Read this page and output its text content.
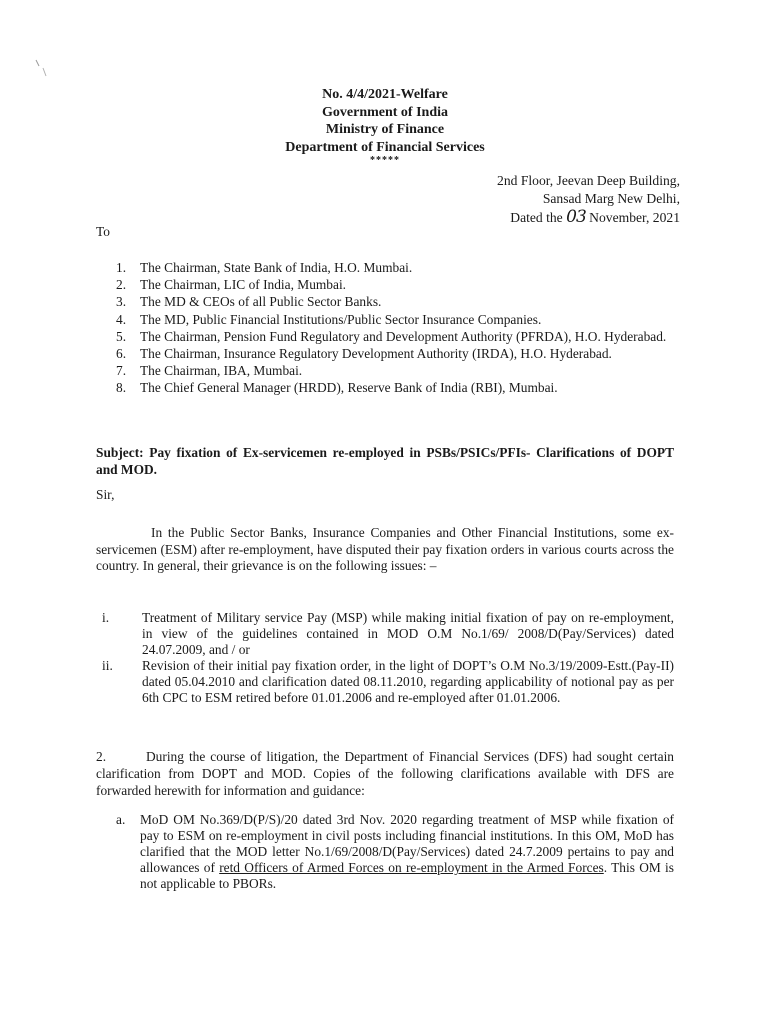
No. 4/4/2021-Welfare
Government of India
Ministry of Finance
Department of Financial Services
*****
2nd Floor, Jeevan Deep Building,
Sansad Marg New Delhi,
Dated the 03 November, 2021
To
1. The Chairman, State Bank of India, H.O. Mumbai.
2. The Chairman, LIC of India, Mumbai.
3. The MD & CEOs of all Public Sector Banks.
4. The MD, Public Financial Institutions/Public Sector Insurance Companies.
5. The Chairman, Pension Fund Regulatory and Development Authority (PFRDA), H.O. Hyderabad.
6. The Chairman, Insurance Regulatory Development Authority (IRDA), H.O. Hyderabad.
7. The Chairman, IBA, Mumbai.
8. The Chief General Manager (HRDD), Reserve Bank of India (RBI), Mumbai.
Subject: Pay fixation of Ex-servicemen re-employed in PSBs/PSICs/PFIs- Clarifications of DOPT and MOD.
Sir,
In the Public Sector Banks, Insurance Companies and Other Financial Institutions, some ex-servicemen (ESM) after re-employment, have disputed their pay fixation orders in various courts across the country. In general, their grievance is on the following issues: –
i. Treatment of Military service Pay (MSP) while making initial fixation of pay on re-employment, in view of the guidelines contained in MOD O.M No.1/69/ 2008/D(Pay/Services) dated 24.07.2009, and / or
ii. Revision of their initial pay fixation order, in the light of DOPT’s O.M No.3/19/2009-Estt.(Pay-II) dated 05.04.2010 and clarification dated 08.11.2010, regarding applicability of notional pay as per 6th CPC to ESM retired before 01.01.2006 and re-employed after 01.01.2006.
2.	During the course of litigation, the Department of Financial Services (DFS) had sought certain clarification from DOPT and MOD. Copies of the following clarifications available with DFS are forwarded herewith for information and guidance:
a. MoD OM No.369/D(P/S)/20 dated 3rd Nov. 2020 regarding treatment of MSP while fixation of pay to ESM on re-employment in civil posts including financial institutions. In this OM, MoD has clarified that the MOD letter No.1/69/2008/D(Pay/Services) dated 24.7.2009 pertains to pay and allowances of retd Officers of Armed Forces on re-employment in the Armed Forces. This OM is not applicable to PBORs.
